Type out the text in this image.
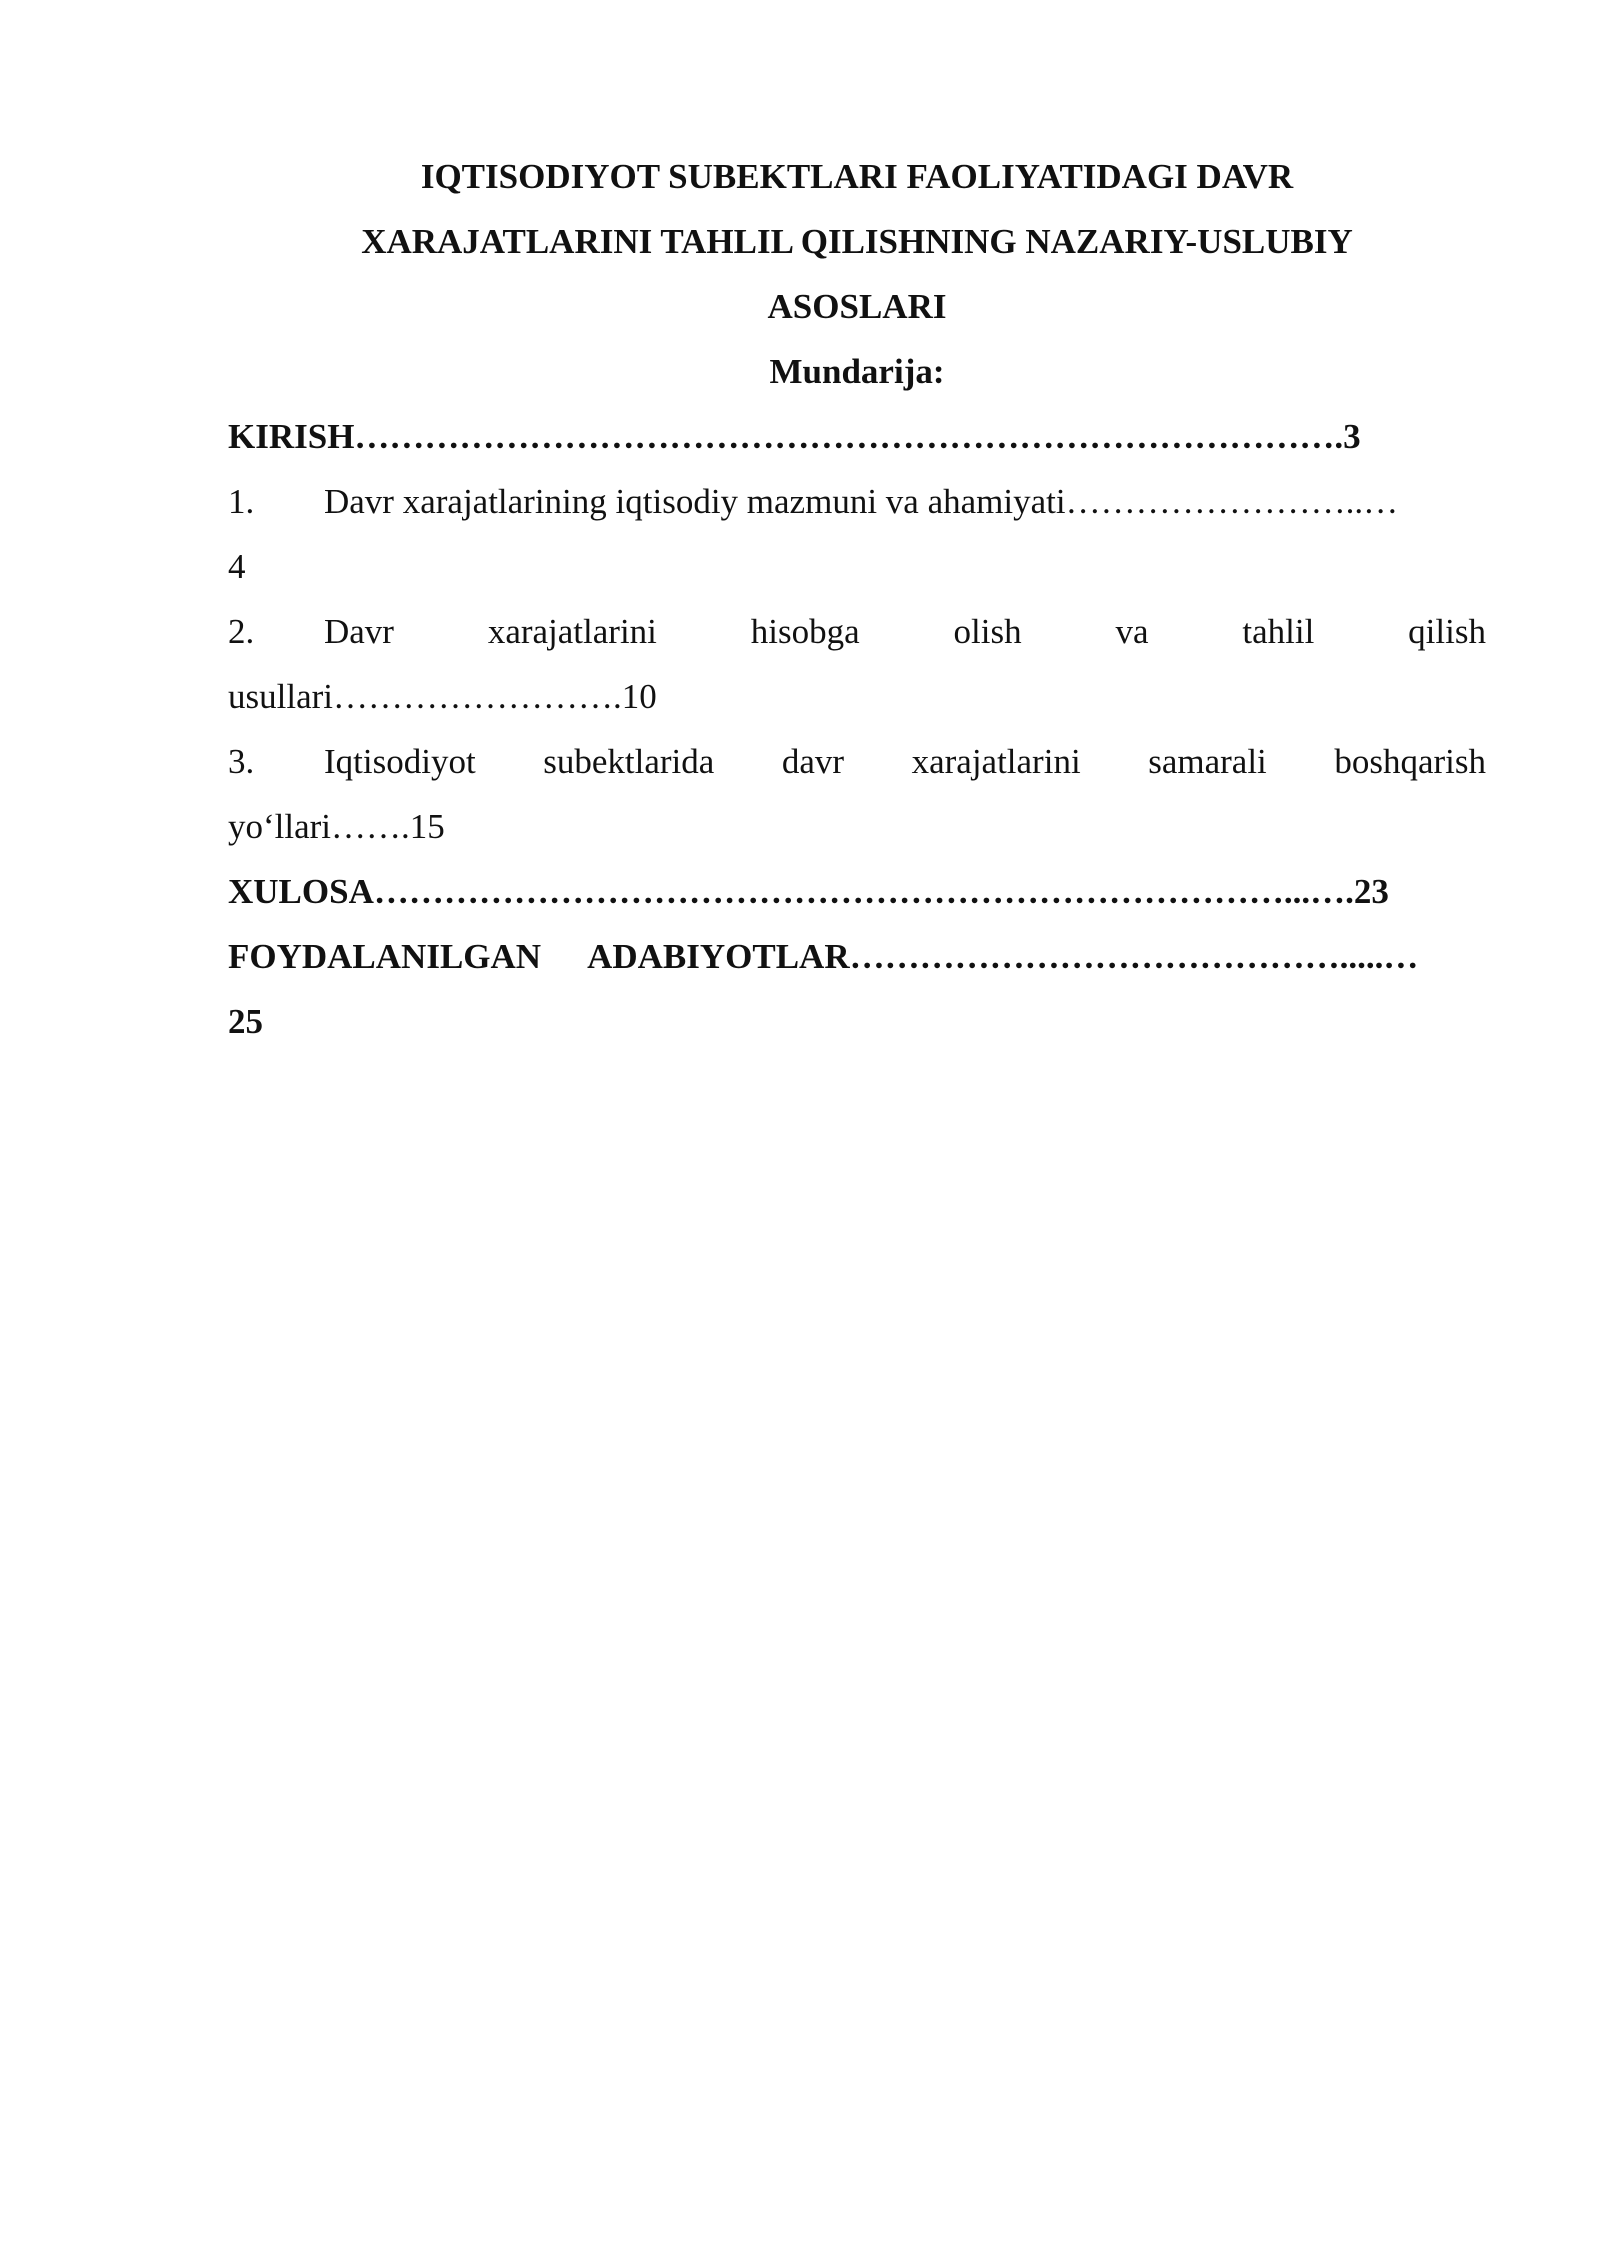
IQTISODIYOT SUBEKTLARI FAOLIYATIDAGI DAVR
XARAJATLARINI TAHLIL QILISHNING NAZARIY-USLUBIY
ASOSLARI
Mundarija:
KIRISH………………………………………………………………………….3
1.	Davr xarajatlarining iqtisodiy mazmuni va ahamiyati……………………..…
4
2.	Davr	xarajatlarini	hisobga	olish	va	tahlil	qilish
usullari…………………….10
3.	Iqtisodiyot subektlarida davr xarajatlarini samarali boshqarish
yo‘llari…….15
XULOSA……………………………………………………………………...….23
FOYDALANILGAN ADABIYOTLAR…………………………………….....…
25
